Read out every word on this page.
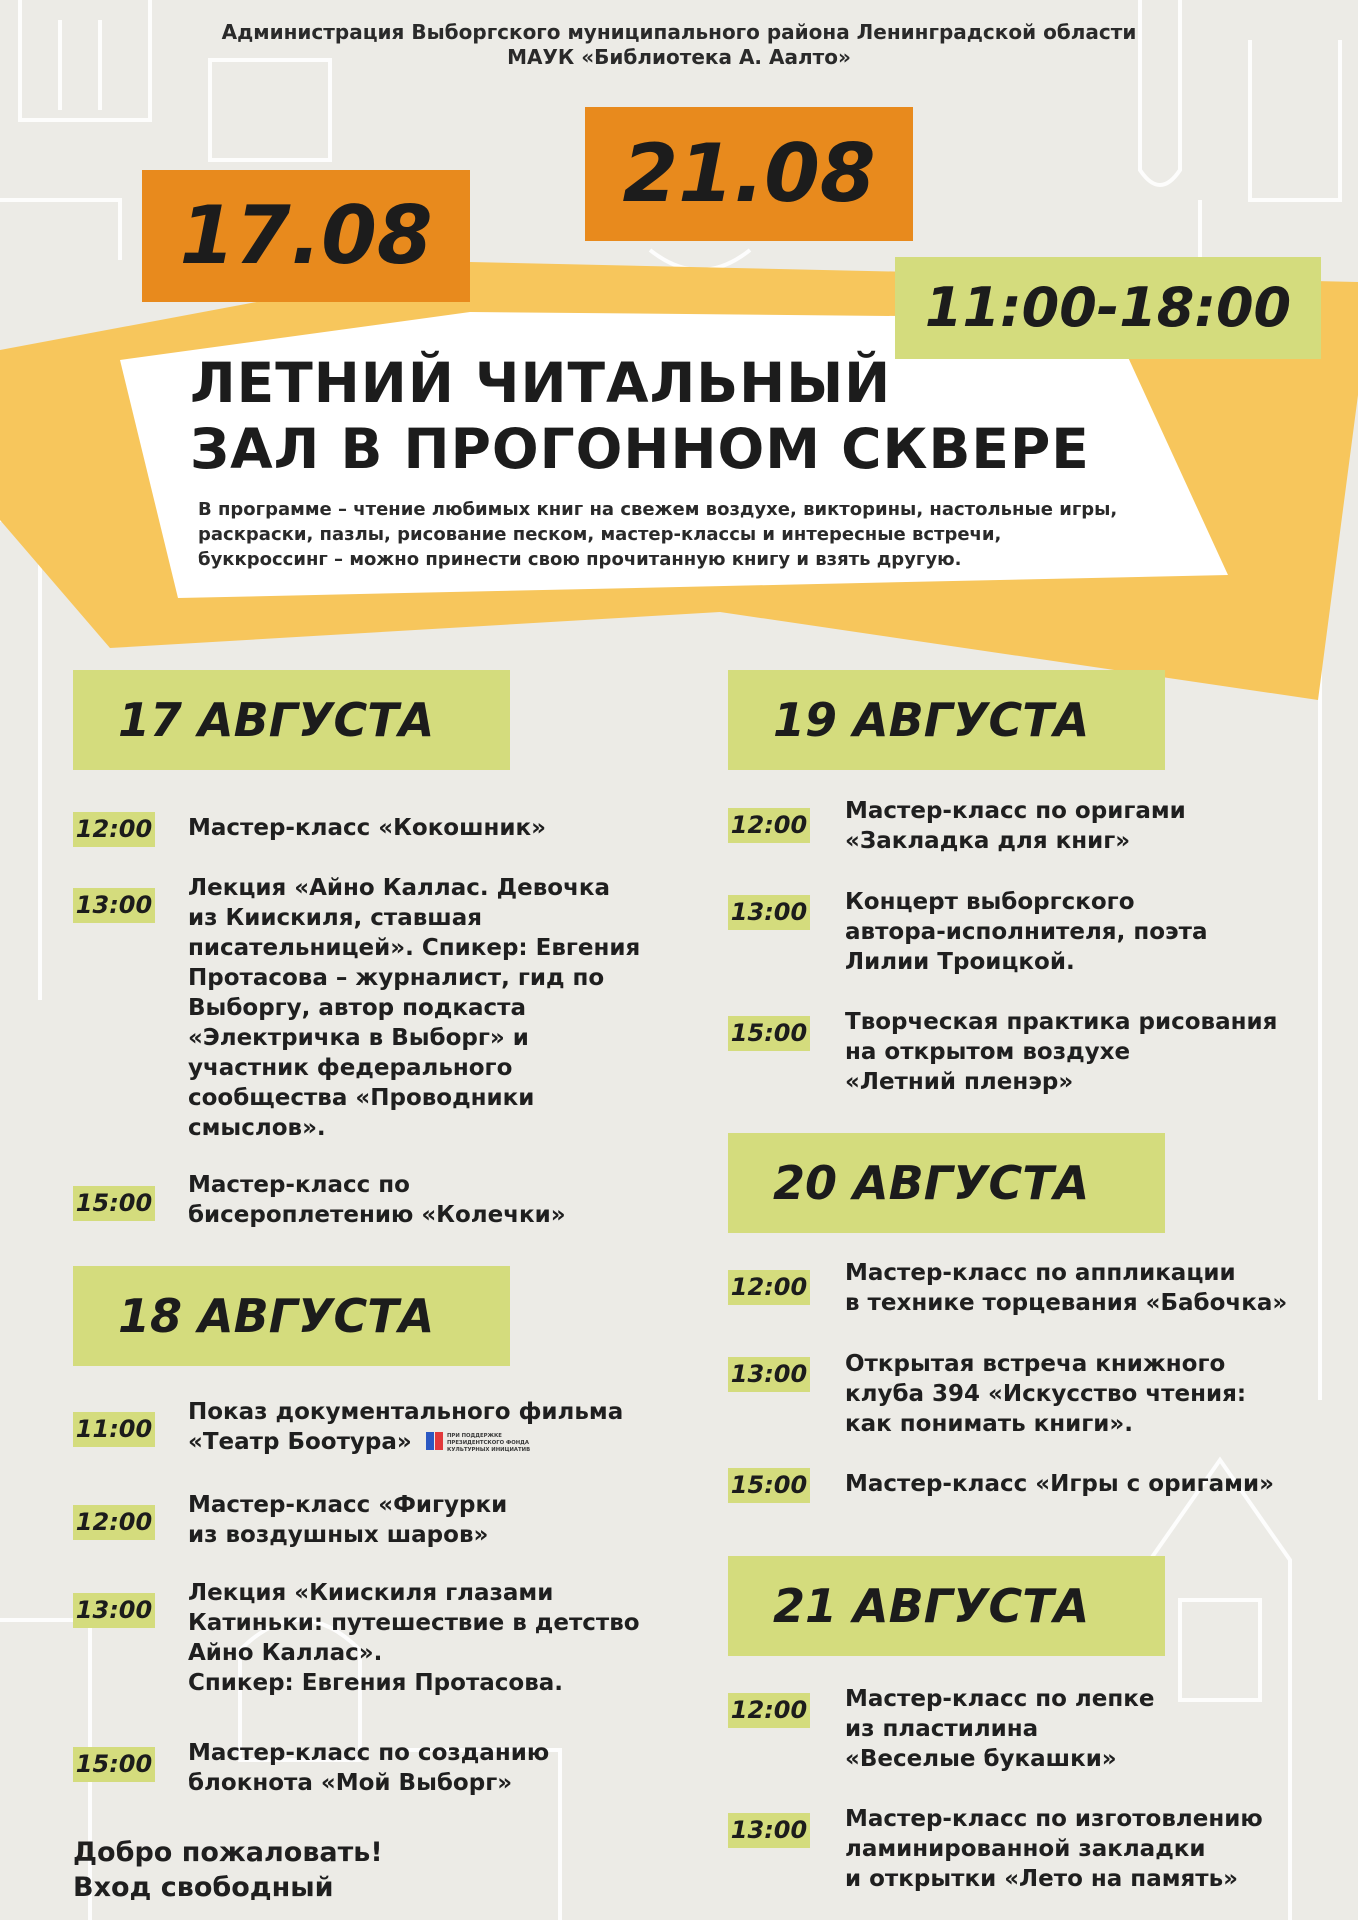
Администрация Выборгского муниципального района Ленинградской области
МАУК «Библиотека А. Аалто»
17.08
21.08
11:00-18:00
ЛЕТНИЙ ЧИТАЛЬНЫЙ
ЗАЛ В ПРОГОННОМ СКВЕРЕ
В программе – чтение любимых книг на свежем воздухе, викторины, настольные игры,
раскраски, пазлы, рисование песком, мастер-классы и интересные встречи,
буккроссинг – можно принести свою прочитанную книгу и взять другую.
17 АВГУСТА
12:00 Мастер-класс «Кокошник»
13:00
Лекция «Айно Каллас. Девочка
из Киискиля, ставшая
писательницей». Спикер: Евгения
Протасова – журналист, гид по
Выборгу, автор подкаста
«Электричка в Выборг» и
участник федерального
сообщества «Проводники
смыслов».
15:00
Мастер-класс по
бисероплетению «Колечки»
18 АВГУСТА
11:00
Показ документального фильма
«Театр Боотура»	ПРИ ПОДДЕРЖКЕ
ПРЕЗИДЕНТСКОГО ФОНДА
КУЛЬТУРНЫХ ИНИЦИАТИВ
12:00
Мастер-класс «Фигурки
из воздушных шаров»
13:00
Лекция «Киискиля глазами
Катиньки: путешествие в детство
Айно Каллас».
Спикер: Евгения Протасова.
15:00 Мастер-класс по созданию
блокнота «Мой Выборг»
Добро пожаловать!
Вход свободный
19 АВГУСТА
12:00 Мастер-класс по оригами
«Закладка для книг»
13:00 Концерт выборгского
автора-исполнителя, поэта
Лилии Троицкой.
15:00 Творческая практика рисования
на открытом воздухе
«Летний пленэр»
20 АВГУСТА
12:00 Мастер-класс по аппликации
в технике торцевания «Бабочка»
13:00 Открытая встреча книжного
клуба 394 «Искусство чтения:
как понимать книги».
15:00 Мастер-класс «Игры с оригами»
21 АВГУСТА
12:00 Мастер-класс по лепке
из пластилина
«Веселые букашки»
13:00 Мастер-класс по изготовлению
ламинированной закладки
и открытки «Лето на память»
